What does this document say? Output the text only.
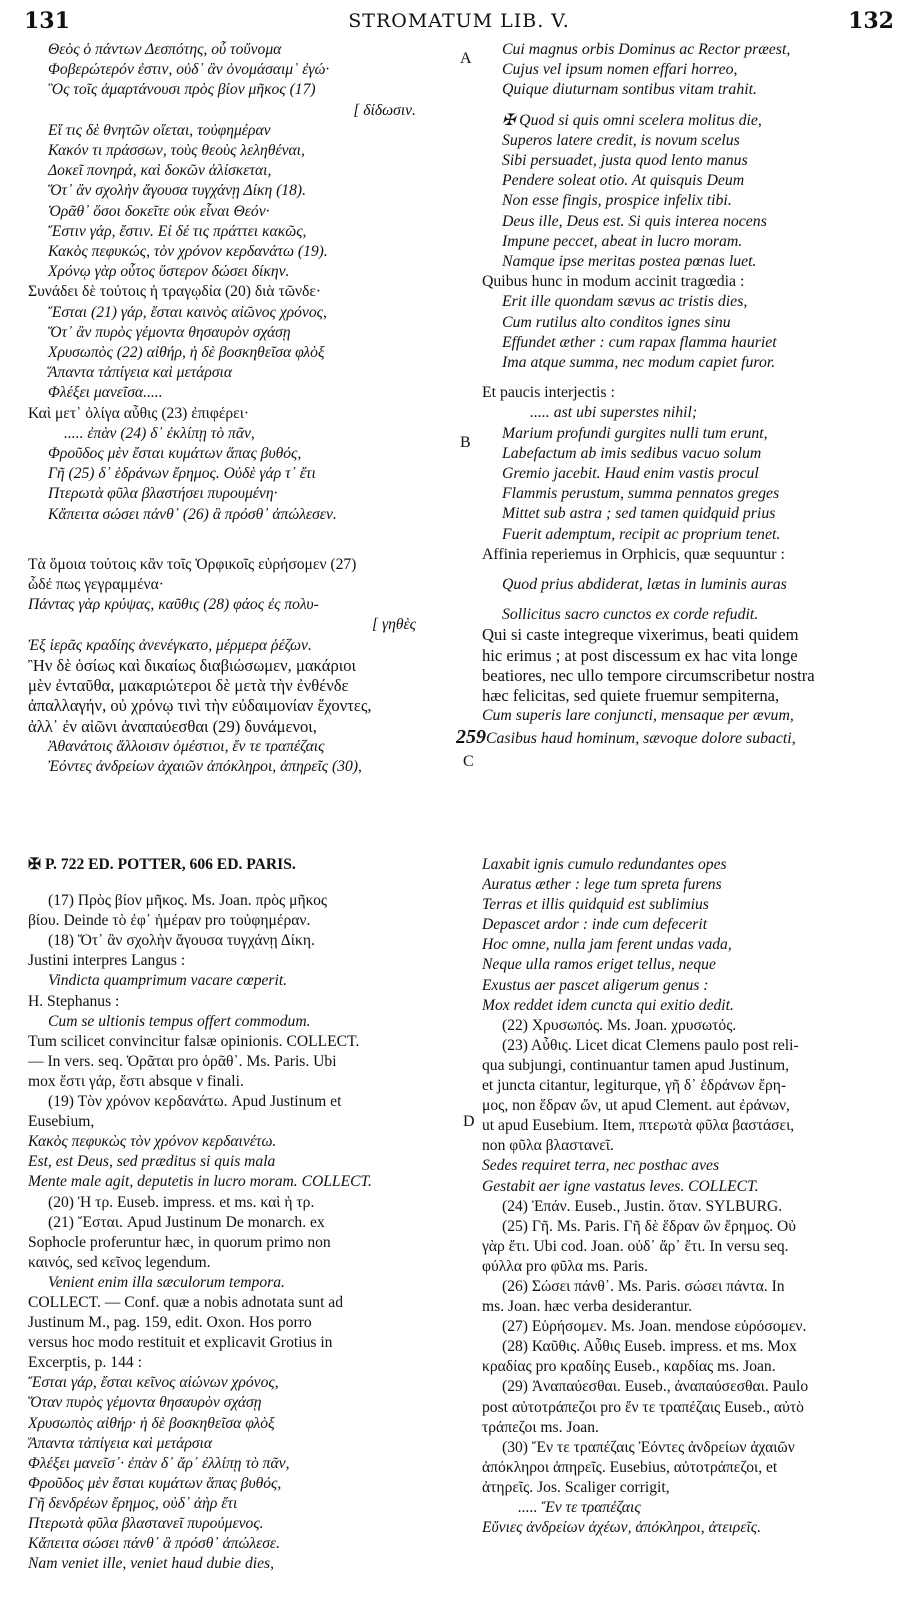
131	STROMATUM LIB. V.	132
A
B
C
D

Θεὸς ὁ πάντων Δεσπότης, οὗ τοὔνομα

Φοβερώτερόν ἐστιν, οὐδ᾽ ἂν ὀνομάσαιμ᾽ ἐγώ·

Ὃς τοῖς ἁμαρτάνουσι πρὸς βίον μῆκος (17)

[ δίδωσιν.

Εἴ τις δὲ θνητῶν οἴεται, τοὐφημέραν

Κακόν τι πράσσων, τοὺς θεοὺς λεληθέναι,

Δοκεῖ πονηρά, καὶ δοκῶν ἁλίσκεται,

Ὅτ᾽ ἂν σχολὴν ἄγουσα τυγχάνῃ Δίκη (18).

Ὁρᾶθ᾽ ὅσοι δοκεῖτε οὐκ εἶναι Θεόν·

Ἔστιν γάρ, ἔστιν. Εἰ δέ τις πράττει κακῶς,

Κακὸς πεφυκώς, τὸν χρόνον κερδανάτω (19).

Χρόνῳ γὰρ οὗτος ὕστερον δώσει δίκην.

Συνάδει δὲ τούτοις ἡ τραγῳδία (20) διὰ τῶνδε·

Ἔσται (21) γάρ, ἔσται καινὸς αἰῶνος χρόνος,

Ὅτ᾽ ἂν πυρὸς γέμοντα θησαυρὸν σχάσῃ

Χρυσωπὸς (22) αἰθήρ, ἡ δὲ βοσκηθεῖσα φλὸξ

Ἅπαντα τἀπίγεια καὶ μετάρσια

Φλέξει μανεῖσα.....

Καὶ μετ᾽ ὀλίγα αὖθις (23) ἐπιφέρει·

..... ἐπὰν (24) δ᾽ ἐκλίπῃ τὸ πᾶν,

Φροῦδος μὲν ἔσται κυμάτων ἅπας βυθός,

Γῆ (25) δ᾽ ἑδράνων ἔρημος. Οὐδὲ γάρ τ᾽ ἔτι

Πτερωτὰ φῦλα βλαστήσει πυρουμένη·

Κἄπειτα σώσει πάνθ᾽ (26) ἃ πρόσθ᾽ ἀπώλεσεν.

Τὰ ὅμοια τούτοις κἂν τοῖς Ὀρφικοῖς εὑρήσομεν (27)

ὧδέ πως γεγραμμένα·

Πάντας γὰρ κρύψας, καῦθις (28) φάος ἐς πολυ-

[ γηθὲς

Ἐξ ἱερᾶς κραδίης ἀνενέγκατο, μέρμερα ῥέζων.

Ἢν δὲ ὁσίως καὶ δικαίως διαβιώσωμεν, μακάριοι

μὲν ἐνταῦθα, μακαριώτεροι δὲ μετὰ τὴν ἐνθένδε

ἀπαλλαγήν, οὐ χρόνῳ τινὶ τὴν εὐδαιμονίαν ἔχοντες,

ἀλλ᾽ ἐν αἰῶνι ἀναπαύεσθαι (29) δυνάμενοι,

Ἀθανάτοις ἄλλοισιν ὁμέστιοι, ἔν τε τραπέζαις

Ἐόντες ἀνδρείων ἀχαιῶν ἀπόκληροι, ἀπηρεῖς (30),

Cui magnus orbis Dominus ac Rector præest,

Cujus vel ipsum nomen effari horreo,

Quique diuturnam sontibus vitam trahit.

✠ Quod si quis omni scelera molitus die,

Superos latere credit, is novum scelus

Sibi persuadet, justa quod lento manus

Pendere soleat otio. At quisquis Deum

Non esse fingis, prospice infelix tibi.

Deus ille, Deus est. Si quis interea nocens

Impune peccet, abeat in lucro moram.

Namque ipse meritas postea pœnas luet.

Quibus hunc in modum accinit tragœdia :

Erit ille quondam sævus ac tristis dies,

Cum rutilus alto conditos ignes sinu

Effundet æther : cum rapax flamma hauriet

Ima atque summa, nec modum capiet furor.

Et paucis interjectis :

..... ast ubi superstes nihil;

Marium profundi gurgites nulli tum erunt,

Labefactum ab imis sedibus vacuo solum

Gremio jacebit. Haud enim vastis procul

Flammis perustum, summa pennatos greges

Mittet sub astra ; sed tamen quidquid prius

Fuerit ademptum, recipit ac proprium tenet.

Affinia reperiemus in Orphicis, quæ sequuntur :

Quod prius abdiderat, lætas in luminis auras

Sollicitus sacro cunctos ex corde refudit.

Qui si caste integreque vixerimus, beati quidem

hic erimus ; at post discessum ex hac vita longe

beatiores, nec ullo tempore circumscribetur nostra

hæc felicitas, sed quiete fruemur sempiterna,

Cum superis lare conjuncti, mensaque per ævum,

259Casibus haud hominum, sævoque dolore subacti,

✠ P. 722 ED. POTTER, 606 ED. PARIS.

(17) Πρὸς βίον μῆκος. Ms. Joan. πρὸς μῆκος

βίου. Deinde τὸ ἐφ᾽ ἡμέραν pro τοὐφημέραν.

(18) Ὅτ᾽ ἂν σχολὴν ἄγουσα τυγχάνῃ Δίκη.

Justini interpres Langus :

Vindicta quamprimum vacare cœperit.

H. Stephanus :

Cum se ultionis tempus offert commodum.

Tum scilicet convincitur falsæ opinionis. COLLECT.

— In vers. seq. Ὁρᾶται pro ὁρᾶθ᾽. Ms. Paris. Ubi

mox ἔστι γάρ, ἔστι absque ν finali.

(19) Τὸν χρόνον κερδανάτω. Apud Justinum et

Eusebium,

Κακὸς πεφυκὼς τὸν χρόνον κερδαινέτω.

Est, est Deus, sed præditus si quis mala

Mente male agit, deputetis in lucro moram. COLLECT.

(20) Ἡ τρ. Euseb. impress. et ms. καὶ ἡ τρ.

(21) Ἔσται. Apud Justinum De monarch. ex

Sophocle proferuntur hæc, in quorum primo non

καινός, sed κεῖνος legendum.

Venient enim illa sæculorum tempora.

COLLECT. — Conf. quæ a nobis adnotata sunt ad

Justinum M., pag. 159, edit. Oxon. Hos porro

versus hoc modo restituit et explicavit Grotius in

Excerptis, p. 144 :

Ἔσται γάρ, ἔσται κεῖνος αἰώνων χρόνος,

Ὅταν πυρὸς γέμοντα θησαυρὸν σχάσῃ

Χρυσωπὸς αἰθήρ· ἡ δὲ βοσκηθεῖσα φλὸξ

Ἅπαντα τἀπίγεια καὶ μετάρσια

Φλέξει μανεῖσ᾽· ἐπὰν δ᾽ ἄρ᾽ ἐλλίπῃ τὸ πᾶν,

Φροῦδος μὲν ἔσται κυμάτων ἅπας βυθός,

Γῆ δενδρέων ἔρημος, οὐδ᾽ ἀὴρ ἔτι

Πτερωτὰ φῦλα βλαστανεῖ πυρούμενος.

Κἄπειτα σώσει πάνθ᾽ ἃ πρόσθ᾽ ἀπώλεσε.

Nam veniet ille, veniet haud dubie dies,

Laxabit ignis cumulo redundantes opes

Auratus æther : lege tum spreta furens

Terras et illis quidquid est sublimius

Depascet ardor : inde cum defecerit

Hoc omne, nulla jam ferent undas vada,

Neque ulla ramos eriget tellus, neque

Exustus aer pascet aligerum genus :

Mox reddet idem cuncta qui exitio dedit.

(22) Χρυσωπός. Ms. Joan. χρυσωτός.

(23) Αὖθις. Licet dicat Clemens paulo post reli-

qua subjungi, continuantur tamen apud Justinum,

et juncta citantur, legiturque, γῆ δ᾽ ἑδράνων ἔρη-

μος, non ἕδραν ὤν, ut apud Clement. aut ἐράνων,

ut apud Eusebium. Item, πτερωτὰ φῦλα βαστάσει,

non φῦλα βλαστανεῖ.

Sedes requiret terra, nec posthac aves

Gestabit aer igne vastatus leves. COLLECT.

(24) Ἐπάν. Euseb., Justin. ὅταν. SYLBURG.

(25) Γῆ. Ms. Paris. Γῆ δὲ ἕδραν ὢν ἔρημος. Οὐ

γὰρ ἔτι. Ubi cod. Joan. οὐδ᾽ ἄρ᾽ ἔτι. In versu seq.

φύλλα pro φῦλα ms. Paris.

(26) Σώσει πάνθ᾽. Ms. Paris. σώσει πάντα. In

ms. Joan. hæc verba desiderantur.

(27) Εὑρήσομεν. Ms. Joan. mendose εὑρόσομεν.

(28) Καῦθις. Αὖθις Euseb. impress. et ms. Mox

κραδίας pro κραδίης Euseb., καρδίας ms. Joan.

(29) Ἀναπαύεσθαι. Euseb., ἀναπαύσεσθαι. Paulo

post αὐτοτράπεζοι pro ἔν τε τραπέζαις Euseb., αὐτὸ

τράπεζοι ms. Joan.

(30) Ἔν τε τραπέζαις Ἐόντες ἀνδρείων ἀχαιῶν

ἀπόκληροι ἀπηρεῖς. Eusebius, αὐτοτράπεζοι, et

ἀτηρεῖς. Jos. Scaliger corrigit,

..... Ἔν τε τραπέζαις

Εὔνιες ἀνδρείων ἀχέων, ἀπόκληροι, ἀτειρεῖς.
